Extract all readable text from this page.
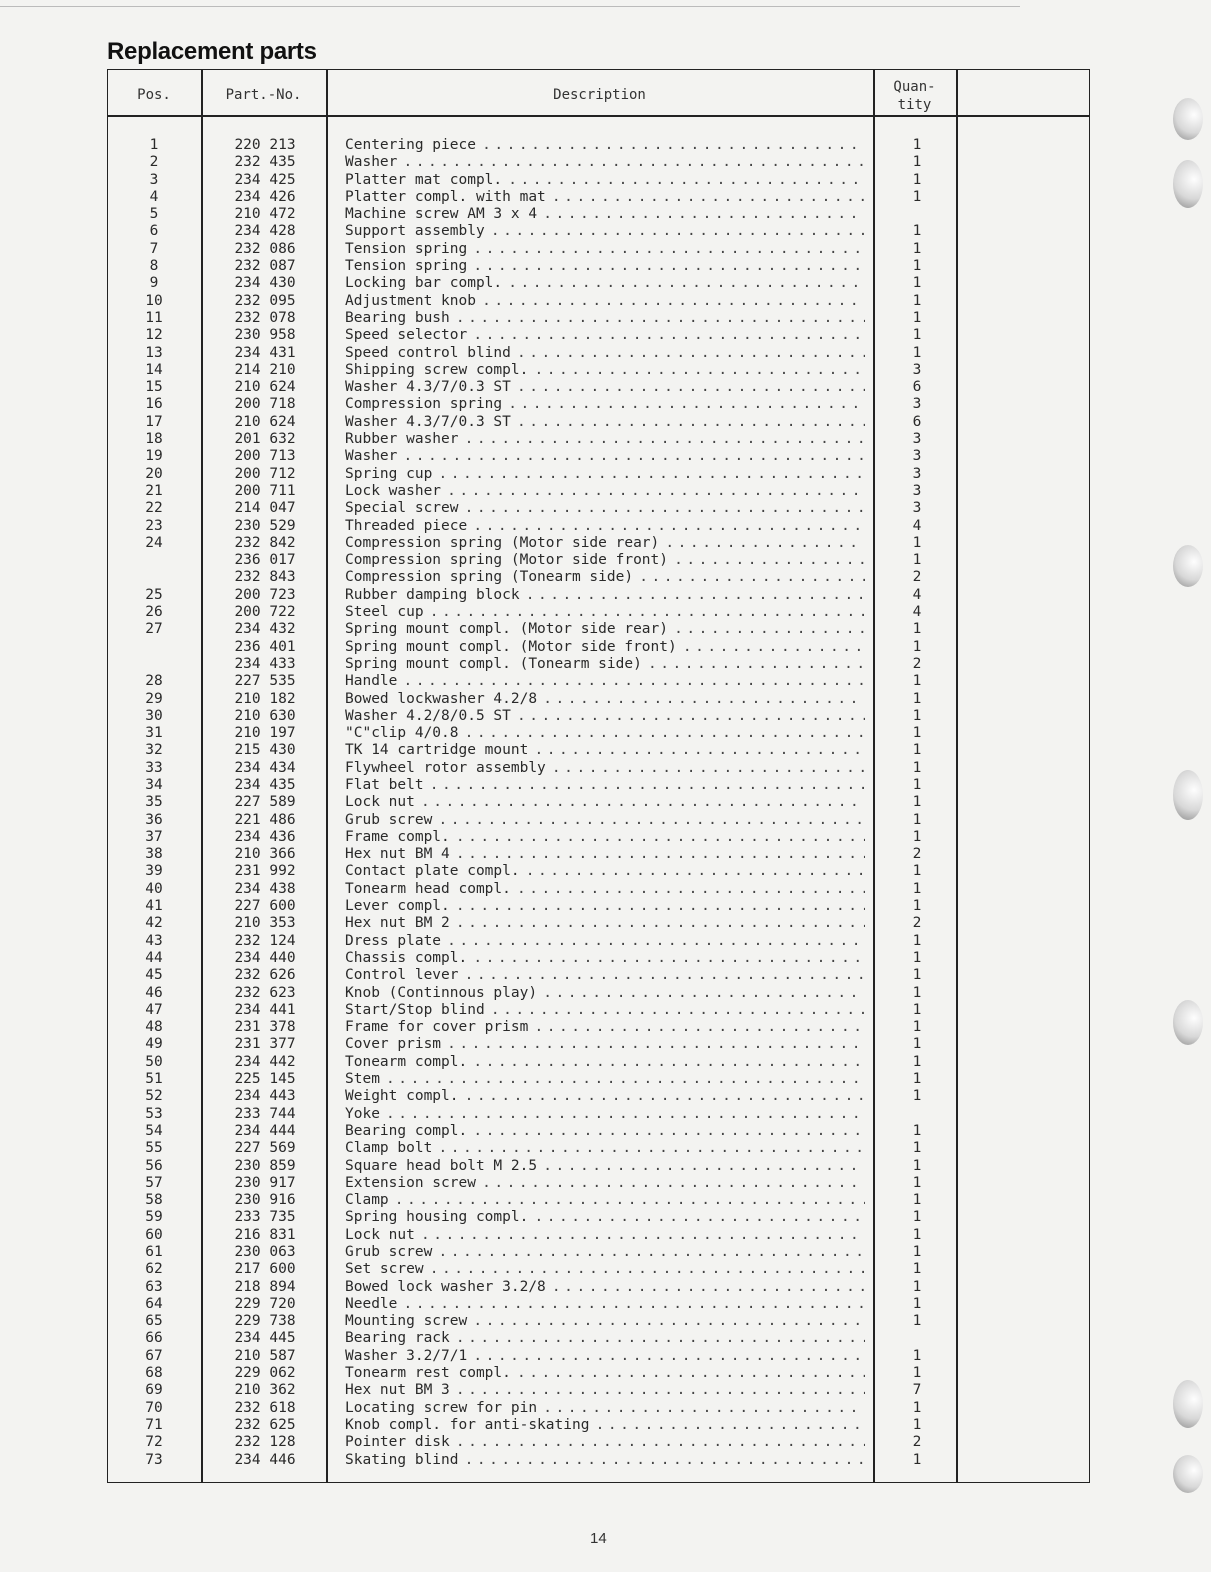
Replacement parts
Pos.	Part.-No.	Description	Quan-
tity
1	220 213	Centering piece . . .	1
2	232 435	Washer . . .	1
3	234 425	Platter mat compl. . . .	1
4	234 426	Platter compl. with mat . . .	1
5	210 472	Machine screw AM 3 x 4 . . .
6	234 428	Support assembly . . .	1
7	232 086	Tension spring . . .	1
8	232 087	Tension spring . . .	1
9	234 430	Locking bar compl. . . .	1
10	232 095	Adjustment knob . . .	1
11	232 078	Bearing bush . . .	1
12	230 958	Speed selector . . .	1
13	234 431	Speed control blind . . .	1
14	214 210	Shipping screw compl. . . .	3
15	210 624	Washer 4.3/7/0.3 ST . . .	6
16	200 718	Compression spring . . .	3
17	210 624	Washer 4.3/7/0.3 ST . . .	6
18	201 632	Rubber washer . . .	3
19	200 713	Washer . . .	3
20	200 712	Spring cup . . .	3
21	200 711	Lock washer . . .	3
22	214 047	Special screw . . .	3
23	230 529	Threaded piece . . .	4
24	232 842	Compression spring (Motor side rear) . . .	1
236 017	Compression spring (Motor side front) . . .	1
232 843	Compression spring (Tonearm side) . . .	2
25	200 723	Rubber damping block . . .	4
26	200 722	Steel cup . . .	4
27	234 432	Spring mount compl. (Motor side rear) . . .	1
236 401	Spring mount compl. (Motor side front) . . .	1
234 433	Spring mount compl. (Tonearm side) . . .	2
28	227 535	Handle . . .	1
29	210 182	Bowed lockwasher 4.2/8 . . .	1
30	210 630	Washer 4.2/8/0.5 ST . . .	1
31	210 197	"C"clip 4/0.8 . . .	1
32	215 430	TK 14 cartridge mount . . .	1
33	234 434	Flywheel rotor assembly . . .	1
34	234 435	Flat belt . . .	1
35	227 589	Lock nut . . .	1
36	221 486	Grub screw . . .	1
37	234 436	Frame compl. . . .	1
38	210 366	Hex nut BM 4 . . .	2
39	231 992	Contact plate compl. . . .	1
40	234 438	Tonearm head compl. . . .	1
41	227 600	Lever compl. . . .	1
42	210 353	Hex nut BM 2 . . .	2
43	232 124	Dress plate . . .	1
44	234 440	Chassis compl. . . .	1
45	232 626	Control lever . . .	1
46	232 623	Knob (Continnous play) . . .	1
47	234 441	Start/Stop blind . . .	1
48	231 378	Frame for cover prism . . .	1
49	231 377	Cover prism . . .	1
50	234 442	Tonearm compl. . . .	1
51	225 145	Stem . . .	1
52	234 443	Weight compl. . . .	1
53	233 744	Yoke . . .
54	234 444	Bearing compl. . . .	1
55	227 569	Clamp bolt . . .	1
56	230 859	Square head bolt M 2.5 . . .	1
57	230 917	Extension screw . . .	1
58	230 916	Clamp . . .	1
59	233 735	Spring housing compl. . . .	1
60	216 831	Lock nut . . .	1
61	230 063	Grub screw . . .	1
62	217 600	Set screw . . .	1
63	218 894	Bowed lock washer 3.2/8 . . .	1
64	229 720	Needle . . .	1
65	229 738	Mounting screw . . .	1
66	234 445	Bearing rack . . .
67	210 587	Washer 3.2/7/1 . . .	1
68	229 062	Tonearm rest compl. . . .	1
69	210 362	Hex nut BM 3 . . .	7
70	232 618	Locating screw for pin . . .	1
71	232 625	Knob compl. for anti-skating . . .	1
72	232 128	Pointer disk . . .	2
73	234 446	Skating blind . . .	1
14
